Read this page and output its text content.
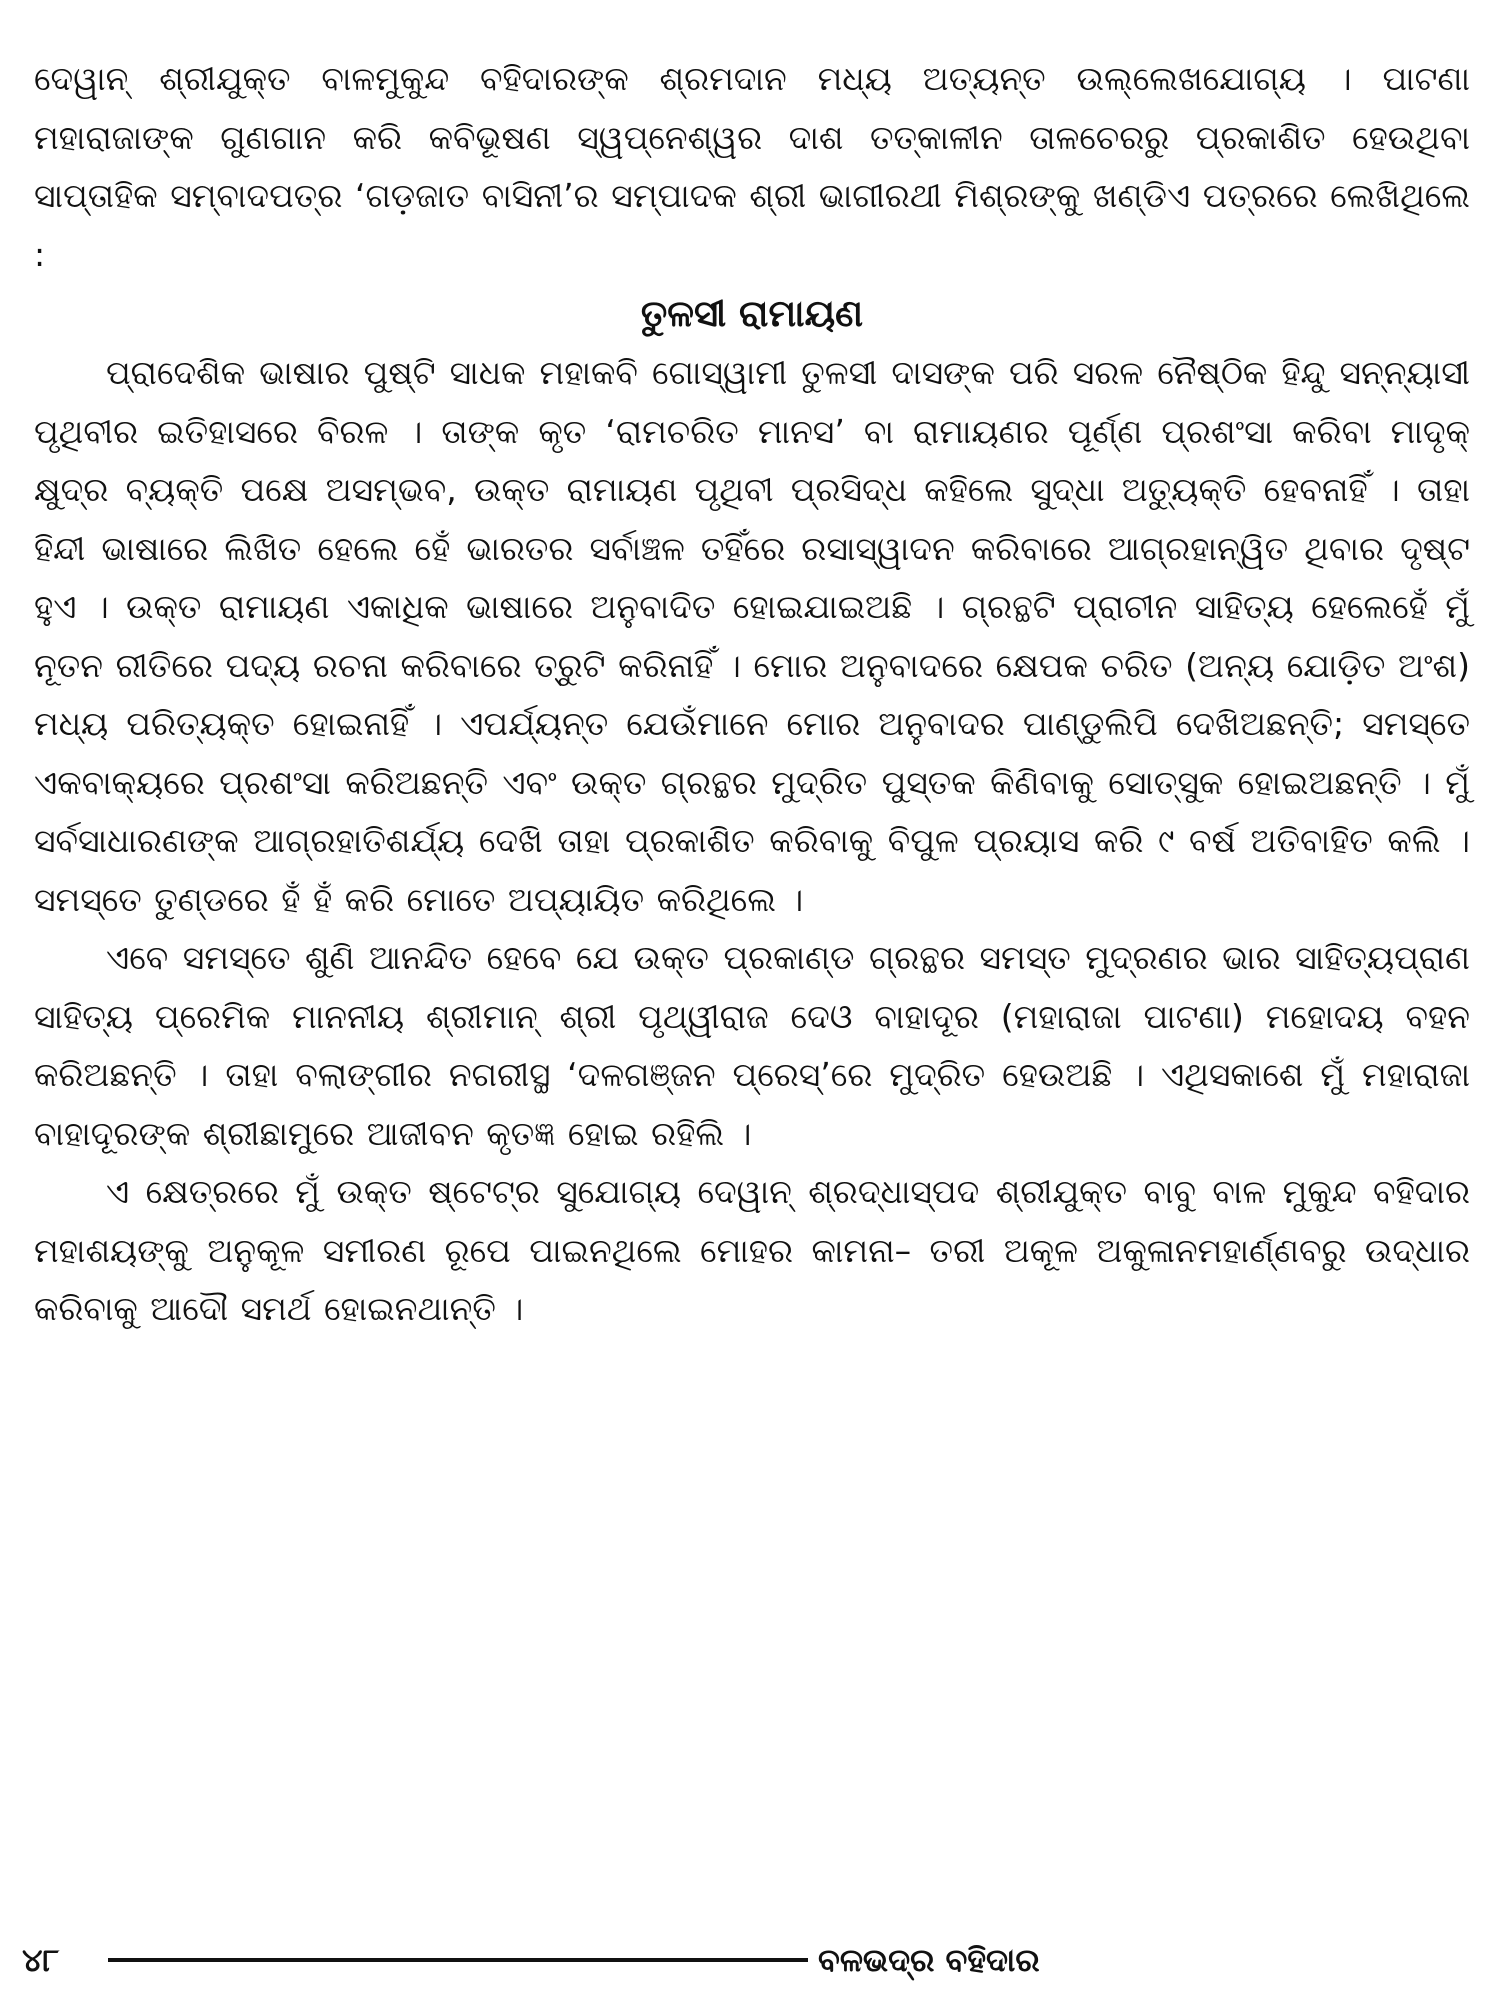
ଦେୱାନ୍ ଶ୍ରୀଯୁକ୍ତ ବାଳମୁକୁନ୍ଦ ବହିଦାରଙ୍କ ଶ୍ରମଦାନ ମଧ୍ୟ ଅତ୍ୟନ୍ତ ଉଲ୍ଲେଖଯୋଗ୍ୟ । ପାଟଣା ମହାରାଜାଙ୍କ ଗୁଣଗାନ କରି କବିଭୂଷଣ ସ୍ୱପ୍ନେଶ୍ୱର ଦାଶ ତତ୍କାଳୀନ ତାଳଚେରରୁ ପ୍ରକାଶିତ ହେଉଥିବା ସାପ୍ତାହିକ ସମ୍ବାଦପତ୍ର ‘ଗଡ଼ଜାତ ବାସିନୀ’ର ସମ୍ପାଦକ ଶ୍ରୀ ଭାଗୀରଥୀ ମିଶ୍ରଙ୍କୁ ଖଣ୍ଡିଏ ପତ୍ରରେ ଲେଖିଥିଲେ :

ତୁଳସୀ ରାମାୟଣ

ପ୍ରାଦେଶିକ ଭାଷାର ପୁଷ୍ଟି ସାଧକ ମହାକବି ଗୋସ୍ୱାମୀ ତୁଳସୀ ଦାସଙ୍କ ପରି ସରଳ ନୈଷ୍ଠିକ ହିନ୍ଦୁ ସନ୍ନ୍ୟାସୀ ପୃଥିବୀର ଇତିହାସରେ ବିରଳ । ତାଙ୍କ କୃତ ‘ରାମଚରିତ ମାନସ’ ବା ରାମାୟଣର ପୂର୍ଣ୍ଣ ପ୍ରଶଂସା କରିବା ମାଦୃକ୍ କ୍ଷୁଦ୍ର ବ୍ୟକ୍ତି ପକ୍ଷେ ଅସମ୍ଭବ, ଉକ୍ତ ରାମାୟଣ ପୃଥିବୀ ପ୍ରସିଦ୍ଧ କହିଲେ ସୁଦ୍ଧା ଅତ୍ୟୁକ୍ତି ହେବନାହିଁ । ତାହା ହିନ୍ଦୀ ଭାଷାରେ ଲିଖିତ ହେଲେ ହେଁ ଭାରତର ସର୍ବାଞ୍ଚଳ ତହିଁରେ ରସାସ୍ୱାଦନ କରିବାରେ ଆଗ୍ରହାନ୍ୱିତ ଥିବାର ଦୃଷ୍ଟ ହୁଏ । ଉକ୍ତ ରାମାୟଣ ଏକାଧିକ ଭାଷାରେ ଅନୁବାଦିତ ହୋଇଯାଇଅଛି । ଗ୍ରନ୍ଥଟି ପ୍ରାଚୀନ ସାହିତ୍ୟ ହେଲେହେଁ ମୁଁ ନୂତନ ରୀତିରେ ପଦ୍ୟ ରଚନା କରିବାରେ ତ୍ରୁଟି କରିନାହିଁ । ମୋର ଅନୁବାଦରେ କ୍ଷେପକ ଚରିତ (ଅନ୍ୟ ଯୋଡ଼ିତ ଅଂଶ) ମଧ୍ୟ ପରିତ୍ୟକ୍ତ ହୋଇନାହିଁ । ଏପର୍ଯ୍ୟନ୍ତ ଯେଉଁମାନେ ମୋର ଅନୁବାଦର ପାଣ୍ଡୁଲିପି ଦେଖିଅଛନ୍ତି; ସମସ୍ତେ ଏକବାକ୍ୟରେ ପ୍ରଶଂସା କରିଅଛନ୍ତି ଏବଂ ଉକ୍ତ ଗ୍ରନ୍ଥର ମୁଦ୍ରିତ ପୁସ୍ତକ କିଣିବାକୁ ସୋତ୍ସୁକ ହୋଇଅଛନ୍ତି । ମୁଁ ସର୍ବସାଧାରଣଙ୍କ ଆଗ୍ରହାତିଶର୍ଯ୍ୟ ଦେଖି ତାହା ପ୍ରକାଶିତ କରିବାକୁ ବିପୁଳ ପ୍ରୟାସ କରି ୯ ବର୍ଷ ଅତିବାହିତ କଲି । ସମସ୍ତେ ତୁଣ୍ଡରେ ହଁ ହଁ କରି ମୋତେ ଅପ୍ୟାୟିତ କରିଥିଲେ ।

ଏବେ ସମସ୍ତେ ଶୁଣି ଆନନ୍ଦିତ ହେବେ ଯେ ଉକ୍ତ ପ୍ରକାଣ୍ଡ ଗ୍ରନ୍ଥର ସମସ୍ତ ମୁଦ୍ରଣର ଭାର ସାହିତ୍ୟପ୍ରାଣ ସାହିତ୍ୟ ପ୍ରେମିକ ମାନନୀୟ ଶ୍ରୀମାନ୍ ଶ୍ରୀ ପୃଥ୍ୱୀରାଜ ଦେଓ ବାହାଦୂର (ମହାରାଜା ପାଟଣା) ମହୋଦୟ ବହନ କରିଅଛନ୍ତି । ତାହା ବଲାଙ୍ଗୀର ନଗରୀସ୍ଥ ‘ଦଳଗଞ୍ଜନ ପ୍ରେସ୍’ରେ ମୁଦ୍ରିତ ହେଉଅଛି । ଏଥିସକାଶେ ମୁଁ ମହାରାଜା ବାହାଦୂରଙ୍କ ଶ୍ରୀଛାମୁରେ ଆଜୀବନ କୃତଜ୍ଞ ହୋଇ ରହିଲି ।

ଏ କ୍ଷେତ୍ରରେ ମୁଁ ଉକ୍ତ ଷ୍ଟେଟ୍‌ର ସୁଯୋଗ୍ୟ ଦେୱାନ୍ ଶ୍ରଦ୍ଧାସ୍ପଦ ଶ୍ରୀଯୁକ୍ତ ବାବୁ ବାଳ ମୁକୁନ୍ଦ ବହିଦାର ମହାଶୟଙ୍କୁ ଅନୁକୂଳ ସମୀରଣ ରୂପେ ପାଇନଥିଲେ ମୋହର କାମନା– ତରୀ ଅକୂଳ ଅକୁଳାନମହାର୍ଣ୍ଣବରୁ ଉଦ୍ଧାର କରିବାକୁ ଆଦୌ ସମର୍ଥ ହୋଇନଥାନ୍ତି ।

୪୮	ବଳଭଦ୍ର ବହିଦାର
